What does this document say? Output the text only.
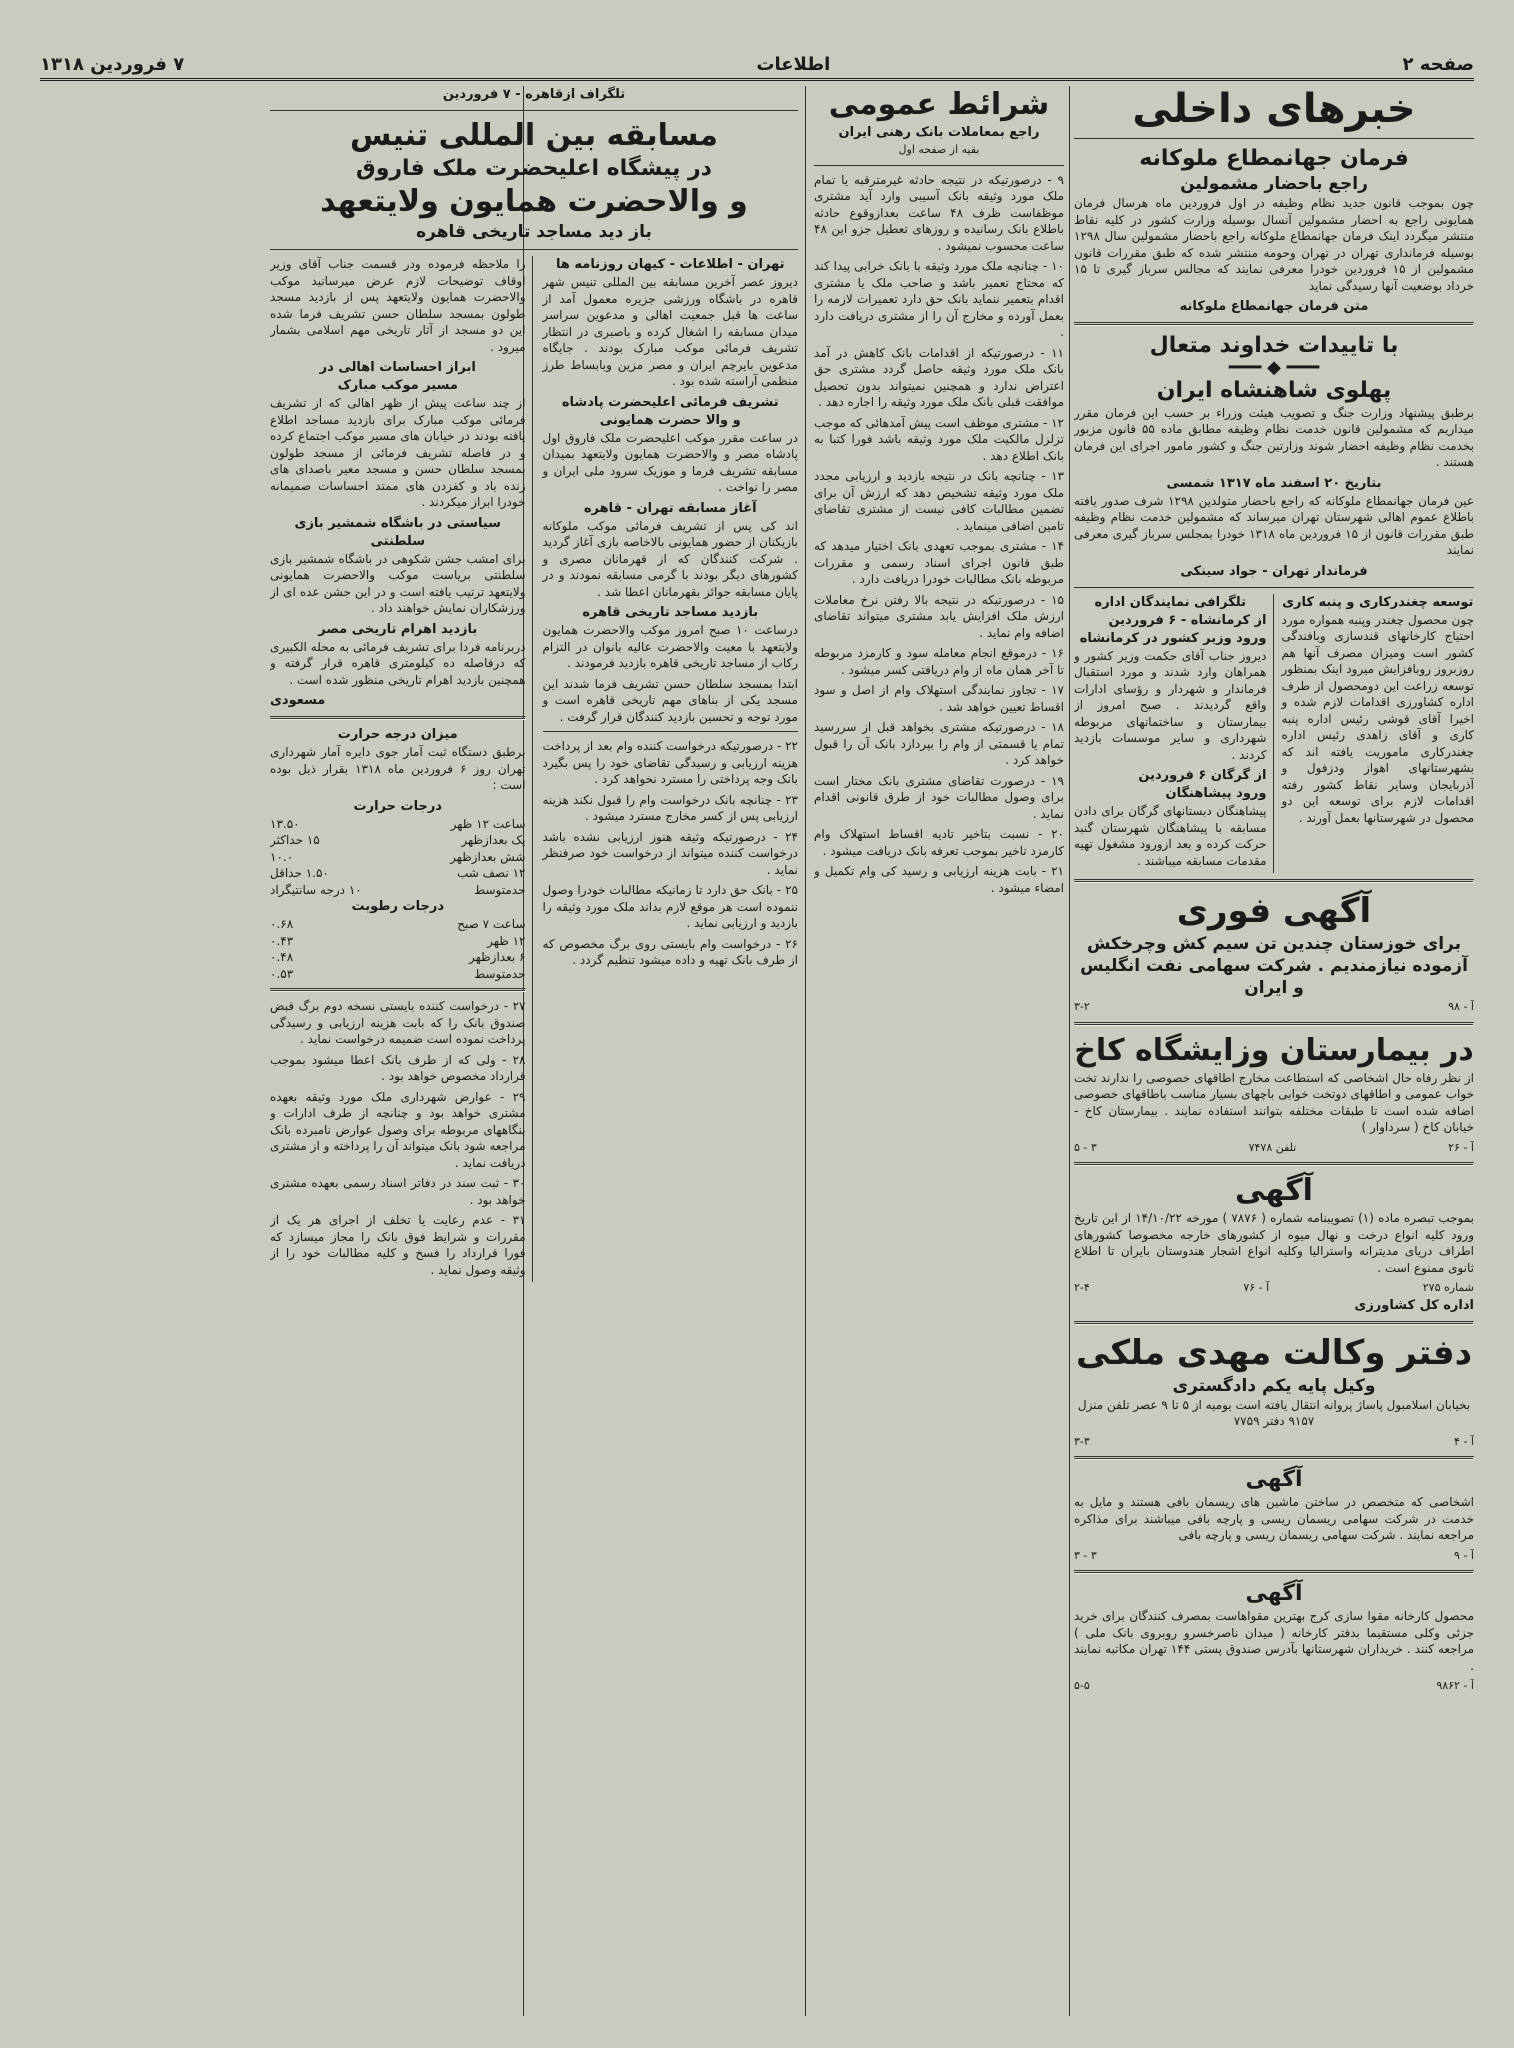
صفحه ۲
اطلاعات
۷ فروردین ۱۳۱۸
خبرهای داخلی
فرمان جهانمطاع ملوکانه
راجع باحضار مشمولین

چون بموجب قانون جدید نظام وظیفه در اول فروردین ماه هرسال فرمان همایونی راجع به احضار مشمولین آنسال بوسیله وزارت کشور در کلیه نقاط منتشر میگردد اینک فرمان جهانمطاع ملوکانه راجع باحضار مشمولین سال ۱۲۹۸ بوسیله فرمانداری تهران در تهران وحومه منتشر شده که طبق مقررات قانون مشمولین از ۱۵ فروردین خودرا معرفی نمایند که مجالس سرباز گیری تا ۱۵ خرداد بوضعیت آنها رسیدگی نماید

متن فرمان جهانمطاع ملوکانه
با تاییدات خداوند متعال
━━━ ◆ ━━━
پهلوی شاهنشاه ایران

برطبق پیشنهاد وزارت جنگ و تصویب هیئت وزراء بر حسب این فرمان مقرر میداریم که مشمولین قانون خدمت نظام وظیفه مطابق ماده ۵۵ قانون مزبور بخدمت نظام وظیفه احضار شوند وزارتین جنگ و کشور مامور اجرای این فرمان هستند .

بتاریخ ۲۰ اسفند ماه ۱۳۱۷ شمسی

عین فرمان جهانمطاع ملوکانه که راجع باحضار متولدین ۱۲۹۸ شرف صدور یافته باطلاع عموم اهالی شهرستان تهران میرساند که مشمولین خدمت نظام وظیفه طبق مقررات قانون از ۱۵ فروردین ماه ۱۳۱۸ خودرا بمجلس سرباز گیری معرفی نمایند

فرماندار تهران - جواد سینکی
توسعه چغندرکاری و پنبه کاری

چون محصول چغندر وپنبه همواره مورد احتیاج کارخانهای قندسازی وبافندگی کشور است ومیزان مصرف آنها هم روزبروز روبافزایش میرود اینک بمنظور توسعه زراعت این دومحصول از طرف اداره کشاورزی اقدامات لازم شده و اخیرا آقای قوشی رئیس اداره پنبه کاری و آقای زاهدی رئیس اداره چغندرکاری ماموریت یافته اند که بشهرستانهای اهواز ودزفول و آذربایجان وسایر نقاط کشور رفته اقدامات لازم برای توسعه این دو محصول در شهرستانها بعمل آورند .

تلگرافی نمایندگان اداره
از کرمانشاه - ۶ فروردین
ورود وزیر کشور در کرمانشاه

دیروز جناب آقای حکمت وزیر کشور و همراهان وارد شدند و مورد استقبال فرماندار و شهردار و رؤسای ادارات واقع گردیدند . صبح امروز از بیمارستان و ساختمانهای مربوطه شهرداری و سایر موسسات بازدید کردند .

از گرگان ۶ فروردین
ورود پیشاهنگان

پیشاهنگان دبستانهای گرگان برای دادن مسابقه با پیشاهنگان شهرستان گنبد حرکت کرده و بعد ازورود مشغول تهیه مقدمات مسابقه میباشند .

آگهی فوری
برای خوزستان چندین تن سیم کش وچرخکش آزموده نیازمندیم . شرکت سهامی نفت انگلیس و ایران
آ - ۹۸
۳-۲
در بیمارستان وزایشگاه کاخ

از نظر رفاه حال اشخاصی که استطاعت مخارج اطاقهای خصوصی را ندارند تخت خواب عمومی و اطاقهای دوتخت خوابی باچهای بسیار مناسب باطاقهای خصوصی اضافه شده است تا طبقات مختلفه بتوانند استفاده نمایند . بیمارستان کاخ - خیابان کاخ ( سرداوار )

آ - ۲۶
تلفن ۷۴۷۸
۳ - ۵
آگهی

بموجب تبصره ماده (۱) تصویبنامه شماره ( ۷۸۷۶ ) مورخه ۱۴/۱۰/۲۲ از این تاریخ ورود کلیه انواع درخت و نهال میوه از کشورهای خارجه مخصوصا کشورهای اطراف دریای مدیترانه واسترالیا وکلیه انواع اشجار هندوستان بایران تا اطلاع ثانوی ممنوع است .

شماره ۲۷۵
آ - ۷۶
۲-۴
اداره کل کشاورزی
دفتر وکالت مهدی ملکی
وکیل پایه یکم دادگستری

بخیابان اسلامبول پاساژ پروانه انتقال یافته است یومیه از ۵ تا ۹ عصر تلفن منزل ۹۱۵۷ دفتر ۷۷۵۹

آ - ۴
۳-۳
آگهی

اشخاصی که متخصص در ساختن ماشین های ریسمان بافی هستند و مایل به خدمت در شرکت سهامی ریسمان ریسی و پارچه بافی میباشند برای مذاکره مراجعه نمایند . شرکت سهامی ریسمان ریسی و پارچه بافی

آ - ۹
۳ - ۳
آگهی

محصول کارخانه مقوا سازی کرج بهترین مقواهاست بمصرف کنندگان برای خرید جزئی وکلی مستقیما بدفتر کارخانه ( میدان ناصرخسرو روبروی بانک ملی ) مراجعه کنند . خریداران شهرستانها بآدرس صندوق پستی ۱۴۴ تهران مکاتبه نمایند .

آ - ۹۸۶۲
۵-۵
شرائط عمومی
راجع بمعاملات بانک رهنی ایران
بقیه از صفحه اول

۹ - درصورتیکه در نتیجه حادثه غیرمترقبه یا تمام ملک مورد وثیقه بانک آسیبی وارد آید مشتری موظفاست ظرف ۴۸ ساعت بعدازوقوع حادثه باطلاع بانک رسانیده و روزهای تعطیل جزو این ۴۸ ساعت محسوب نمیشود .

۱۰ - چنانچه ملک مورد وثیقه با بانک خرابی پیدا کند که محتاج تعمیر باشد و صاحب ملک یا مشتری اقدام بتعمیر ننماید بانک حق دارد تعمیرات لازمه را بعمل آورده و مخارج آن را از مشتری دریافت دارد .

۱۱ - درصورتیکه از اقدامات بانک کاهش در آمد بانک ملک مورد وثیقه حاصل گردد مشتری حق اعتراض ندارد و همچنین نمیتواند بدون تحصیل موافقت قبلی بانک ملک مورد وثیقه را اجاره دهد .

۱۲ - مشتری موظف است پیش آمدهائی که موجب تزلزل مالکیت ملک مورد وثیقه باشد فورا کتبا به بانک اطلاع دهد .

۱۳ - چنانچه بانک در نتیجه بازدید و ارزیابی مجدد ملک مورد وثیقه تشخیص دهد که ارزش آن برای تضمین مطالبات کافی نیست از مشتری تقاضای تامین اضافی مینماید .

۱۴ - مشتری بموجب تعهدی بانک اختیار میدهد که طبق قانون اجرای اسناد رسمی و مقررات مربوطه بانک مطالبات خودرا دریافت دارد .

۱۵ - درصورتیکه در نتیجه بالا رفتن نرخ معاملات ارزش ملک افزایش یابد مشتری میتواند تقاضای اضافه وام نماید .

۱۶ - درموقع انجام معامله سود و کارمزد مربوطه تا آخر همان ماه از وام دریافتی کسر میشود .

۱۷ - تجاوز نمایندگی استهلاک وام از اصل و سود اقساط تعیین خواهد شد .

۱۸ - درصورتیکه مشتری بخواهد قبل از سررسید تمام یا قسمتی از وام را بپردازد بانک آن را قبول خواهد کرد .

۱۹ - درصورت تقاضای مشتری بانک مختار است برای وصول مطالبات خود از طرق قانونی اقدام نماید .

۲۰ - نسبت بتاخیر تادیه اقساط استهلاک وام کارمزد تاخیر بموجب تعرفه بانک دریافت میشود .

۲۱ - بابت هزینه ارزیابی و رسید کی وام تکمیل و امضاء میشود .

تلگراف ازقاهره - ۷ فروردین
مسابقه بین المللی تنیس
در پیشگاه اعلیحضرت ملک فاروق
و والاحضرت همایون ولایتعهد
باز دید مساجد تاریخی قاهره
تهران - اطلاعات - کیهان روزنامه ها

دیروز عصر آخرین مسابقه بین المللی تنیس شهر قاهره در باشگاه ورزشی جزیره معمول آمد از ساعت ها قبل جمعیت اهالی و مدعوین سراسر میدان مسابقه را اشغال کرده و باصبری در انتظار تشریف فرمائی موکب مبارک بودند . جایگاه مدعوین بایرچم ایران و مصر مزین وبابساط طرز منظمی آراسته شده بود .

تشریف فرمائی اعلیحضرت پادشاه
و والا حضرت همایونی

در ساعت مقرر موکب اعلیحضرت ملک فاروق اول پادشاه مصر و والاحضرت همایون ولایتعهد بمیدان مسابقه تشریف فرما و موزیک سرود ملی ایران و مصر را نواخت .

آغاز مسابقه تهران - قاهره

اند کی پس از تشریف فرمائی موکب ملوکانه بازیکنان از حضور همایونی بالاخاصه بازی آغاز گردید . شرکت کنندگان که از قهرمانان مصری و کشورهای دیگر بودند با گرمی مسابقه نمودند و در پایان مسابقه جوائز بقهرمانان اعطا شد .

بازدید مساجد تاریخی قاهره

درساعت ۱۰ صبح امروز موکب والاحضرت همایون ولایتعهد با معیت والاحضرت عالیه بانوان در التزام رکاب از مساجد تاریخی قاهره بازدید فرمودند .

ابتدا بمسجد سلطان حسن تشریف فرما شدند این مسجد یکی از بناهای مهم تاریخی قاهره است و مورد توجه و تحسین بازدید کنندگان قرار گرفت .

۲۲ - درصورتیکه درخواست کننده وام بعد از پرداخت هزینه ارزیابی و رسیدگی تقاضای خود را پس بگیرد بانک وجه پرداختی را مسترد نخواهد کرد .

۲۳ - چنانچه بانک درخواست وام را قبول نکند هزینه ارزیابی پس از کسر مخارج مسترد میشود .

۲۴ - درصورتیکه وثیقه هنوز ارزیابی نشده باشد درخواست کننده میتواند از درخواست خود صرفنظر نماید .

۲۵ - بانک حق دارد تا زمانیکه مطالبات خودرا وصول ننموده است هر موقع لازم بداند ملک مورد وثیقه را بازدید و ارزیابی نماید .

۲۶ - درخواست وام بایستی روی برگ مخصوص که از طرف بانک تهیه و داده میشود تنظیم گردد .

را ملاحظه فرموده ودر قسمت جناب آقای وزیر اوقاف توضیحات لازم عرض میرسانید موکب والاحضرت همایون ولایتعهد پس از بازدید مسجد طولون بمسجد سلطان حسن تشریف فرما شده این دو مسجد از آثار تاریخی مهم اسلامی بشمار میرود .

ابراز احساسات اهالی در
مسیر موکب مبارک

از چند ساعت پیش از ظهر اهالی که از تشریف فرمائی موکب مبارک برای بازدید مساجد اطلاع یافته بودند در خیابان های مسیر موکب اجتماع کرده و در فاصله تشریف فرمائی از مسجد طولون بمسجد سلطان حسن و مسجد معیر باصدای های زنده باد و کفزدن های ممتد احساسات صمیمانه خودرا ابراز میکردند .

سیاستی در باشگاه شمشیر بازی سلطنتی

برای امشب جشن شکوهی در باشگاه شمشیر بازی سلطنتی بریاست موکب والاحضرت همایونی ولایتعهد ترتیب یافته است و در این جشن عده ای از ورزشکاران نمایش خواهند داد .

بازدید اهرام تاریخی مصر

دربرنامه فردا برای تشریف فرمائی به محله الکبیری که درفاصله ده کیلومتری قاهره قرار گرفته و همچنین بازدید اهرام تاریخی منظور شده است .

مسعودی
میزان درجه حرارت

برطبق دستگاه ثبت آمار جوی دایره آمار شهرداری تهران روز ۶ فروردین ماه ۱۳۱۸ بقرار ذیل بوده است :

درجات حرارت
ساعت ۱۲ ظهر
۱۳.۵۰
یک بعدازظهر
۱۵ حداکثر
شش بعدازظهر
۱۰.۰
۱۲ نصف شب
۱.۵۰ حداقل
حدمتوسط
۱۰ درجه سانتیگراد
درجات رطوبت
ساعت ۷ صبح
۰.۶۸
۱۲ ظهر
۰.۴۳
۶ بعدازظهر
۰.۴۸
حدمتوسط
۰.۵۳

۲۷ - درخواست کننده بایستی نسخه دوم برگ قبض صندوق بانک را که بابت هزینه ارزیابی و رسیدگی پرداخت نموده است ضمیمه درخواست نماید .

۲۸ - ولی که از طرف بانک اعطا میشود بموجب قرارداد مخصوص خواهد بود .

۲۹ - عوارض شهرداری ملک مورد وثیقه بعهده مشتری خواهد بود و چنانچه از طرف ادارات و بنگاههای مربوطه برای وصول عوارض نامبرده بانک مراجعه شود بانک میتواند آن را پرداخته و از مشتری دریافت نماید .

۳۰ - ثبت سند در دفاتر اسناد رسمی بعهده مشتری خواهد بود .

۳۱ - عدم رعایت یا تخلف از اجرای هر یک از مقررات و شرایط فوق بانک را مجاز میسازد که فورا قرارداد را فسخ و کلیه مطالبات خود را از وثیقه وصول نماید .
